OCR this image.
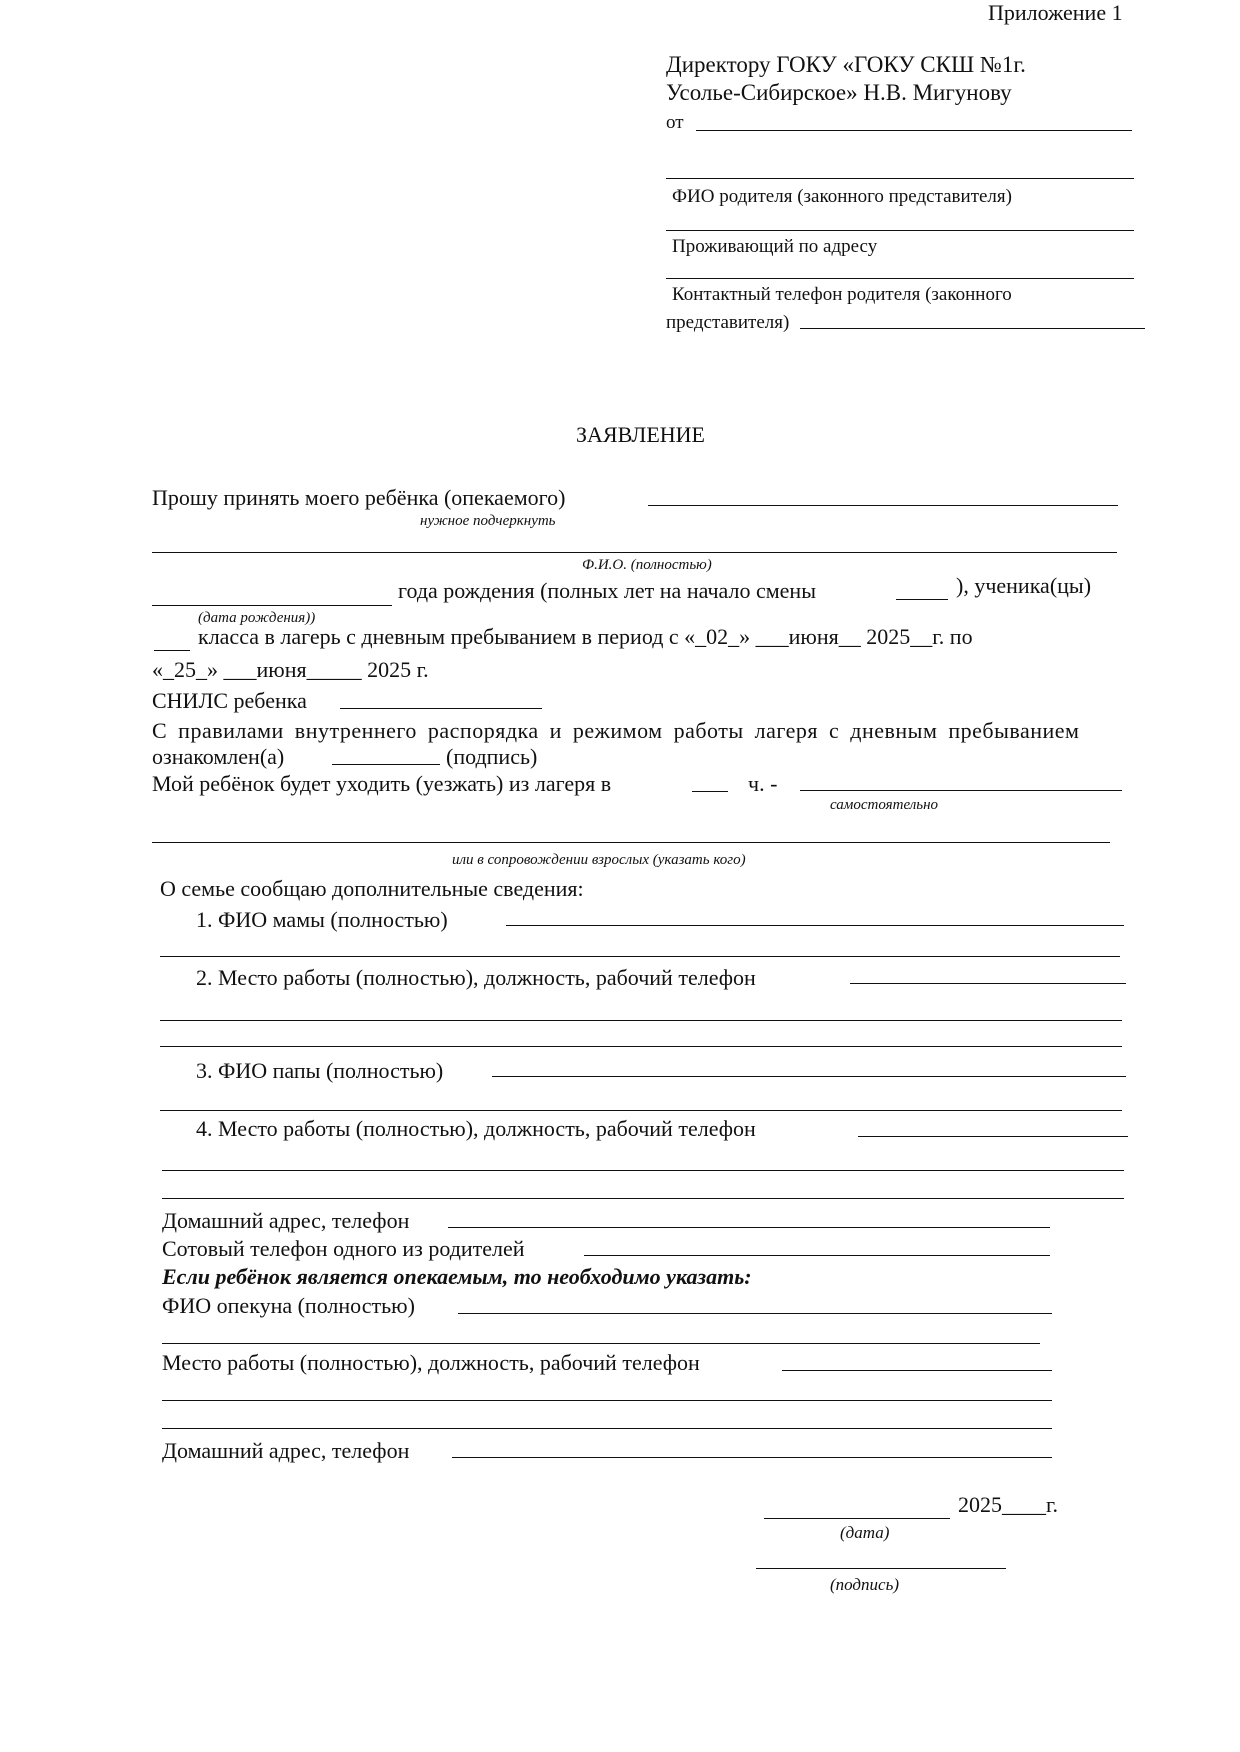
Приложение 1
Директору ГОКУ «ГОКУ СКШ №1г.
Усолье-Сибирское» Н.В. Мигунову
от
ФИО родителя (законного представителя)
Проживающий по адресу
Контактный телефон родителя (законного
представителя)
ЗАЯВЛЕНИЕ
Прошу принять моего ребёнка (опекаемого)
нужное подчеркнуть
Ф.И.О. (полностью)
года рождения (полных лет на начало смены	), ученика(цы)
(дата рождения))
класса в лагерь с дневным пребыванием в период с «_02_» ___июня__ 2025__г. по
«_25_» ___июня_____ 2025 г.
СНИЛС ребенка
С правилами внутреннего распорядка и режимом работы лагеря с дневным пребыванием
ознакомлен(а)	(подпись)
Мой ребёнок будет уходить (уезжать) из лагеря в	ч. -
самостоятельно
или в сопровождении взрослых (указать кого)
О семье сообщаю дополнительные сведения:
1. ФИО мамы (полностью)
2. Место работы (полностью), должность, рабочий телефон
3. ФИО папы (полностью)
4. Место работы (полностью), должность, рабочий телефон
Домашний адрес, телефон
Сотовый телефон одного из родителей
Если ребёнок является опекаемым, то необходимо указать:
ФИО опекуна (полностью)
Место работы (полностью), должность, рабочий телефон
Домашний адрес, телефон
2025____г.
(дата)
(подпись)
